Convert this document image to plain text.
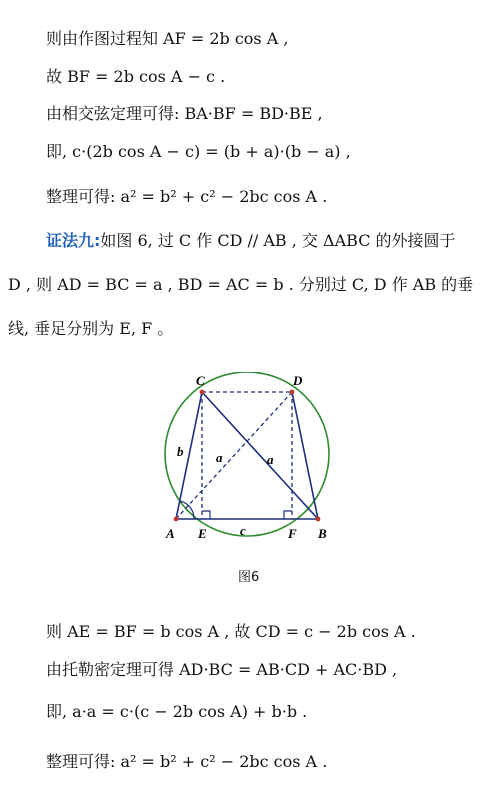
则由作图过程知 AF = 2b cos A ,
故 BF = 2b cos A − c .
由相交弦定理可得: BA·BF = BD·BE ,
即, c·(2b cos A − c) = (b + a)·(b − a) ,
整理可得: a² = b² + c² − 2bc cos A .
证法九:如图 6, 过 C 作 CD // AB , 交 ΔABC 的外接圆于
D , 则 AD = BC = a , BD = AC = b . 分别过 C, D 作 AB 的垂
线, 垂足分别为 E, F 。
C	D
A E	F B
b	a	a
c
图6
则 AE = BF = b cos A , 故 CD = c − 2b cos A .
由托勒密定理可得 AD·BC = AB·CD + AC·BD ,
即, a·a = c·(c − 2b cos A) + b·b .
整理可得: a² = b² + c² − 2bc cos A .
